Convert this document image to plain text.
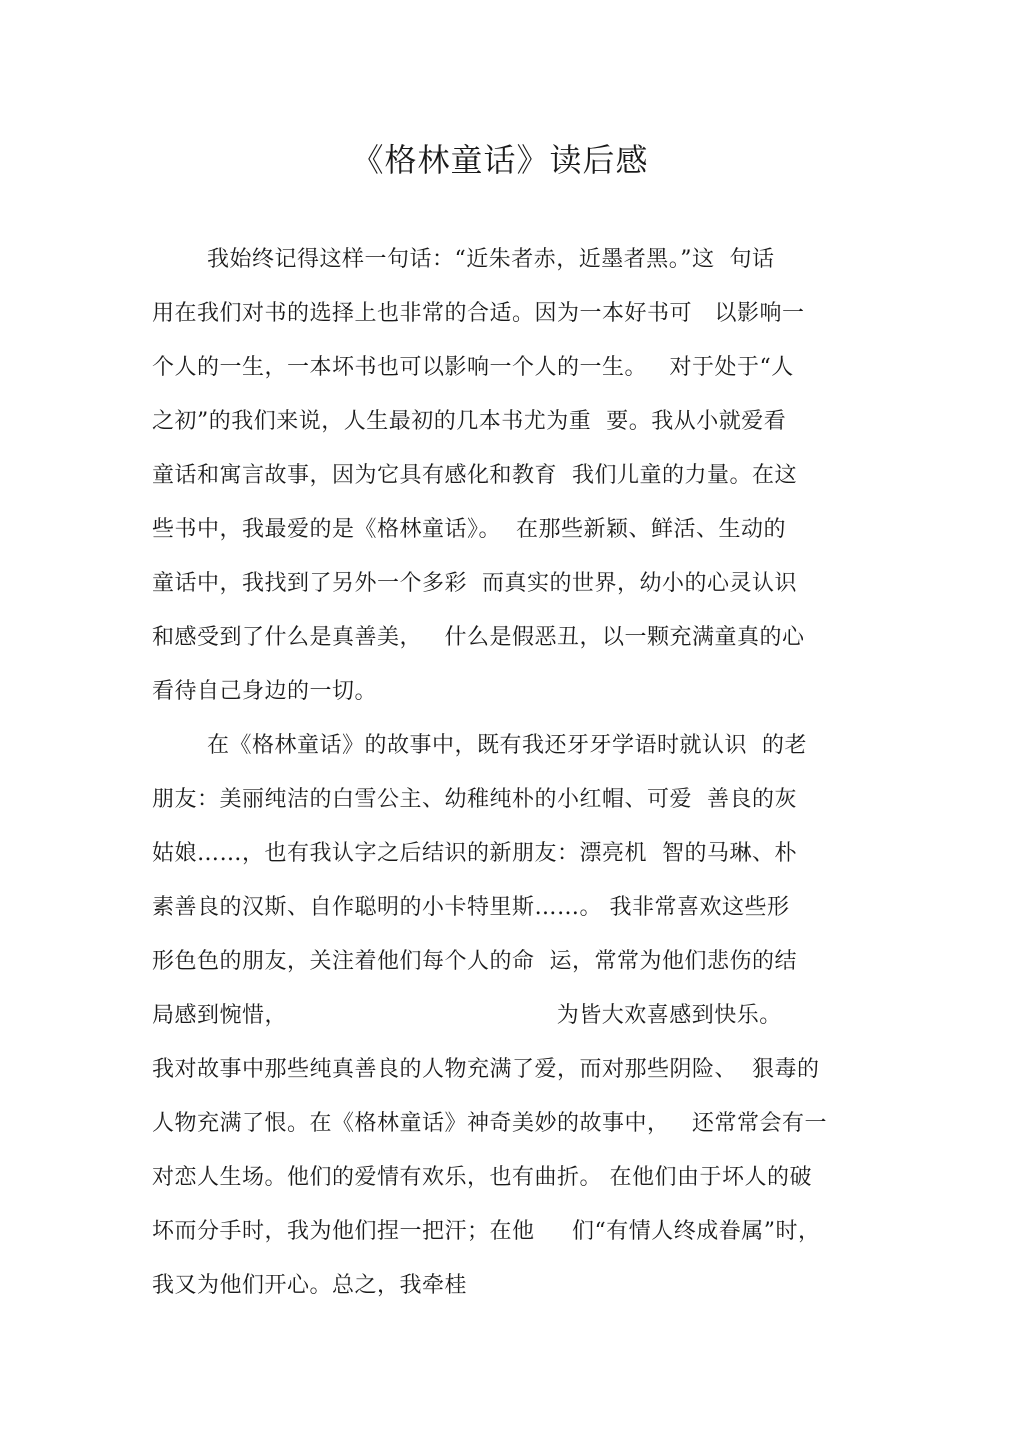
《格林童话》读后感
我始终记得这样一句话：“近朱者赤，近墨者黑。”这  句话
用在我们对书的选择上也非常的合适。因为一本好书可   以影响一
个人的一生，一本坏书也可以影响一个人的一生。   对于处于“人
之初”的我们来说，人生最初的几本书尤为重  要。我从小就爱看
童话和寓言故事，因为它具有感化和教育  我们儿童的力量。在这
些书中，我最爱的是《格林童话》。  在那些新颖、鲜活、生动的
童话中，我找到了另外一个多彩  而真实的世界，幼小的心灵认识
和感受到了什么是真善美，   什么是假恶丑，以一颗充满童真的心
看待自己身边的一切。
在《格林童话》的故事中，既有我还牙牙学语时就认识  的老
朋友：美丽纯洁的白雪公主、幼稚纯朴的小红帽、可爱  善良的灰
姑娘……，也有我认字之后结识的新朋友：漂亮机  智的马琳、朴
素善良的汉斯、自作聪明的小卡特里斯……。 我非常喜欢这些形
形色色的朋友，关注着他们每个人的命  运，常常为他们悲伤的结
局感到惋惜，                                    为皆大欢喜感到快乐。
我对故事中那些纯真善良的人物充满了爱，而对那些阴险、  狠毒的
人物充满了恨。在《格林童话》神奇美妙的故事中，   还常常会有一
对恋人生场。他们的爱情有欢乐，也有曲折。 在他们由于坏人的破
坏而分手时，我为他们捏一把汗；在他     们“有情人终成眷属”时，
我又为他们开心。总之，我牵桂
